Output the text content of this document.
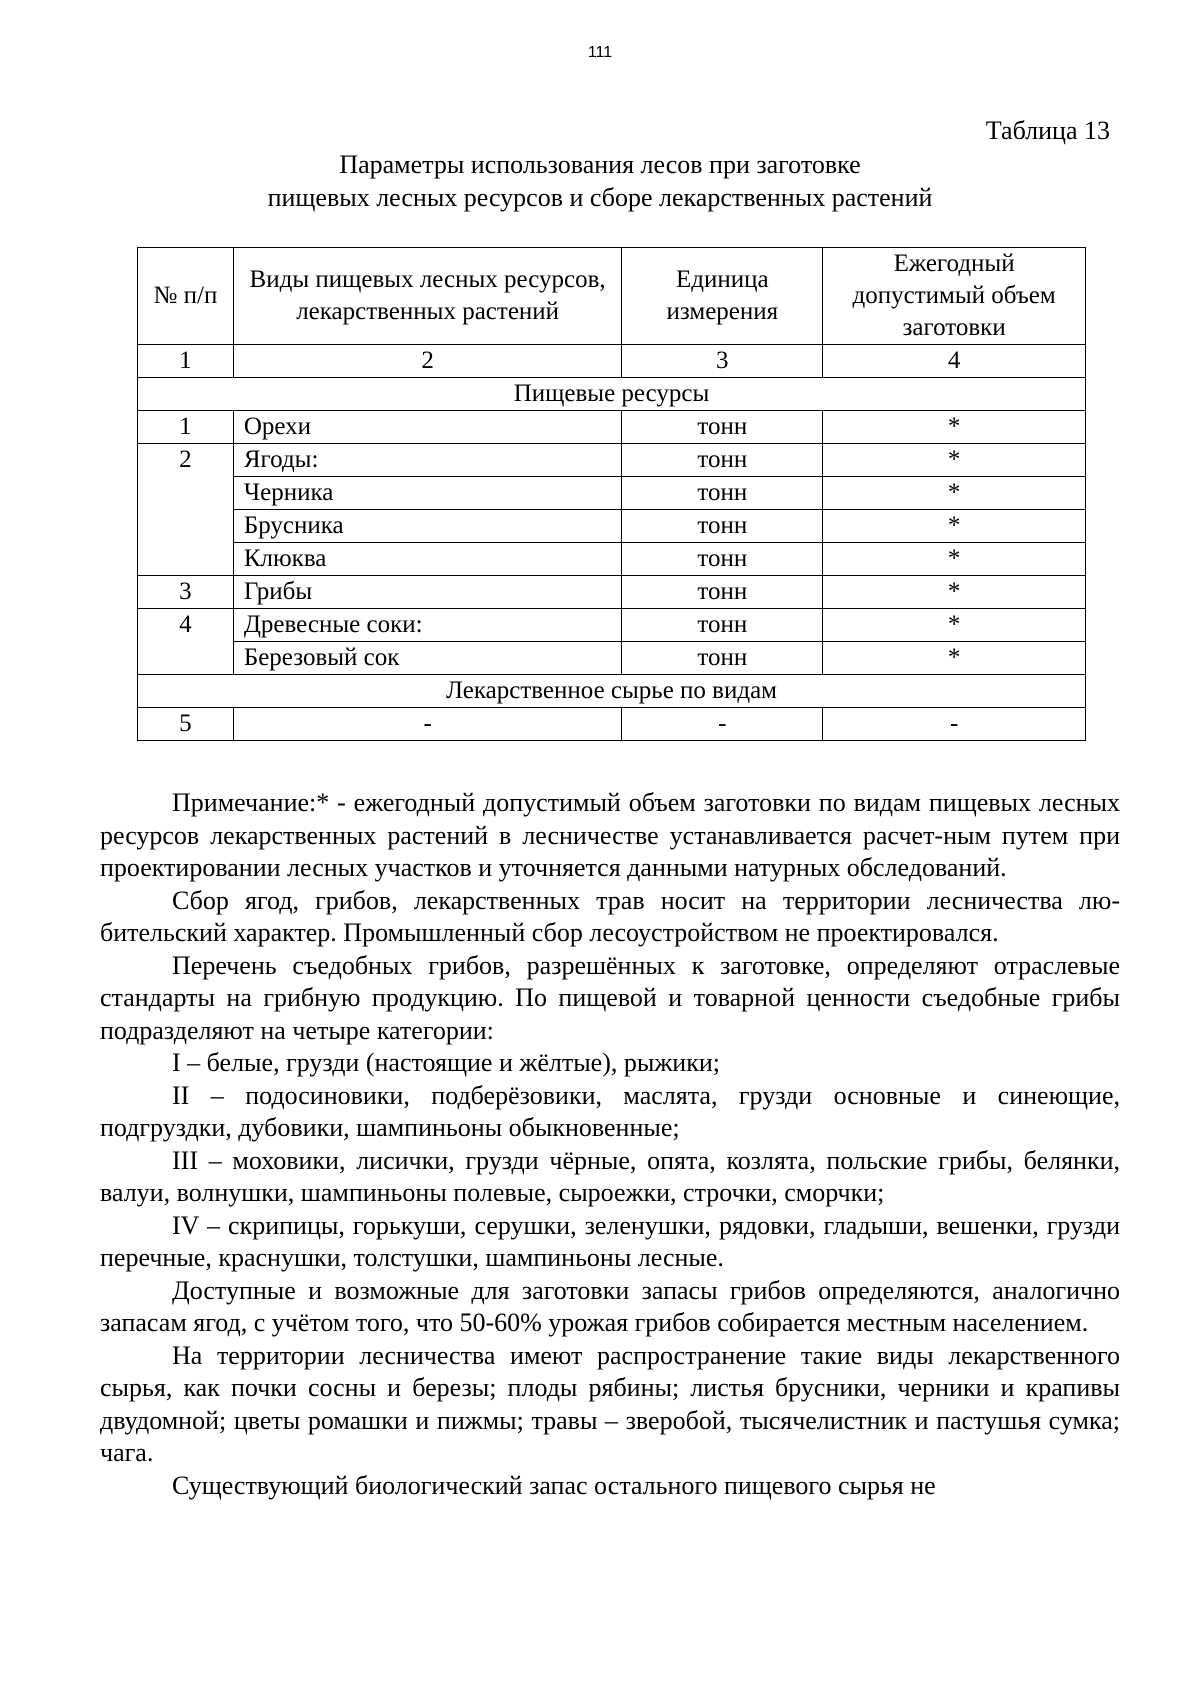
111
Таблица 13
Параметры использования лесов при заготовке
пищевых лесных ресурсов и сборе лекарственных растений
№ п/п	Виды пищевых лесных ресурсов, лекарственных растений	Единица измерения	Ежегодный допустимый объем заготовки
1	2	3	4
Пищевые ресурсы			
1	Орехи	тонн	*
2	Ягоды:	тонн	*
	Черника	тонн	*
	Брусника	тонн	*
	Клюква	тонн	*
3	Грибы	тонн	*
4	Древесные соки:	тонн	*
	Березовый сок	тонн	*
Лекарственное сырье по видам			
5	-	-	-

Примечание:* - ежегодный допустимый объем заготовки по видам пищевых лесных ресурсов лекарственных растений в лесничестве устанавливается расчет-ным путем при проектировании лесных участков и уточняется данными натурных обследований.

Сбор ягод, грибов, лекарственных трав носит на территории лесничества лю-бительский характер. Промышленный сбор лесоустройством не проектировался.

Перечень съедобных грибов, разрешённых к заготовке, определяют отраслевые стандарты на грибную продукцию. По пищевой и товарной ценности съедобные грибы подразделяют на четыре категории:

I – белые, грузди (настоящие и жёлтые), рыжики;

II – подосиновики, подберёзовики, маслята, грузди основные и синеющие, подгруздки, дубовики, шампиньоны обыкновенные;

III – моховики, лисички, грузди чёрные, опята, козлята, польские грибы, белянки, валуи, волнушки, шампиньоны полевые, сыроежки, строчки, сморчки;

IV – скрипицы, горькуши, серушки, зеленушки, рядовки, гладыши, вешенки, грузди перечные, краснушки, толстушки, шампиньоны лесные.

Доступные и возможные для заготовки запасы грибов определяются, аналогично запасам ягод, с учётом того, что 50-60% урожая грибов собирается местным населением.

На территории лесничества имеют распространение такие виды лекарственного сырья, как почки сосны и березы; плоды рябины; листья брусники, черники и крапивы двудомной; цветы ромашки и пижмы; травы – зверобой, тысячелистник и пастушья сумка; чага.

Существующий биологический запас остального пищевого сырья не
